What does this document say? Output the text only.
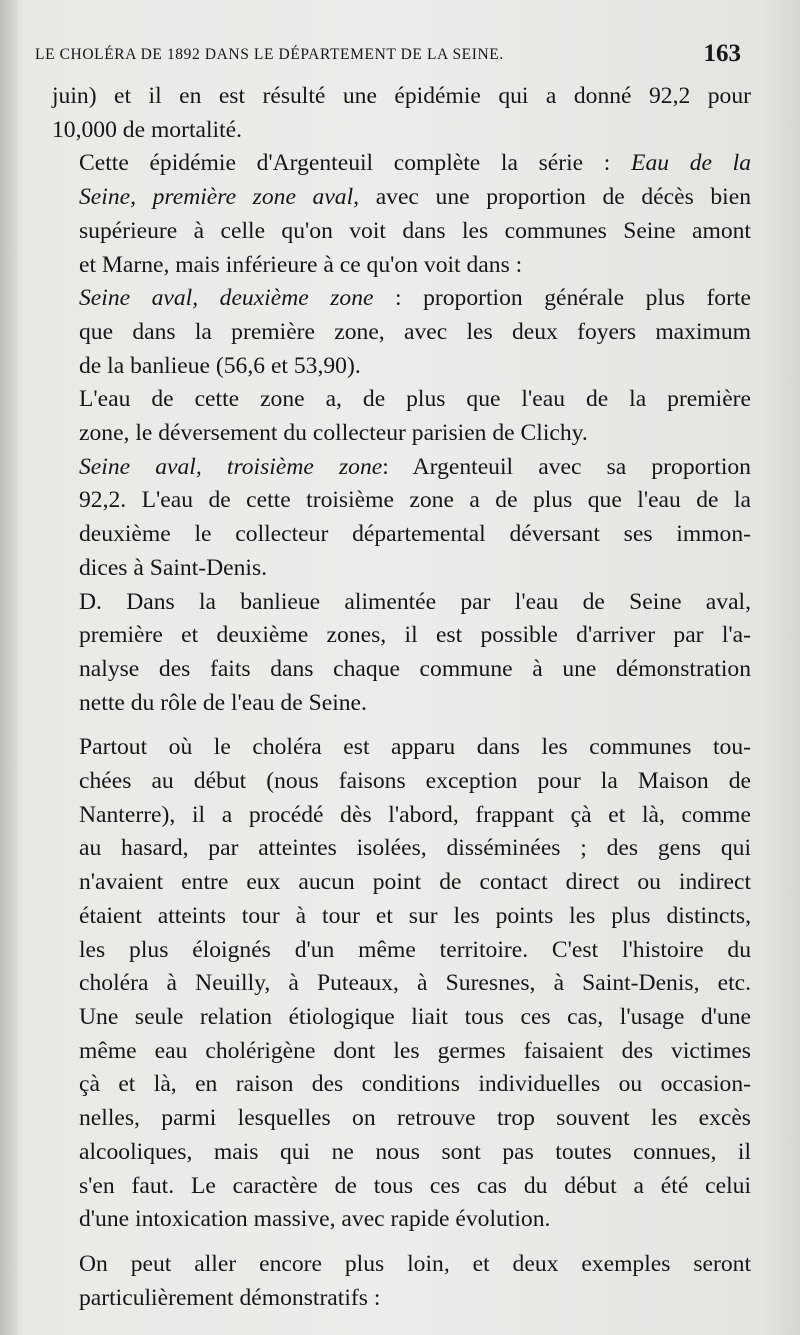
LE CHOLÉRA DE 1892 DANS LE DÉPARTEMENT DE LA SEINE.	163

juin) et il en est résulté une épidémie qui a donné 92,2 pour
10,000 de mortalité.

Cette épidémie d'Argenteuil complète la série : Eau de la
Seine, première zone aval, avec une proportion de décès bien
supérieure à celle qu'on voit dans les communes Seine amont
et Marne, mais inférieure à ce qu'on voit dans :

Seine aval, deuxième zone : proportion générale plus forte
que dans la première zone, avec les deux foyers maximum
de la banlieue (56,6 et 53,90).

L'eau de cette zone a, de plus que l'eau de la première
zone, le déversement du collecteur parisien de Clichy.

Seine aval, troisième zone: Argenteuil avec sa proportion
92,2. L'eau de cette troisième zone a de plus que l'eau de la
deuxième le collecteur départemental déversant ses immon-
dices à Saint-Denis.

D. Dans la banlieue alimentée par l'eau de Seine aval,
première et deuxième zones, il est possible d'arriver par l'a-
nalyse des faits dans chaque commune à une démonstration
nette du rôle de l'eau de Seine.

Partout où le choléra est apparu dans les communes tou-
chées au début (nous faisons exception pour la Maison de
Nanterre), il a procédé dès l'abord, frappant çà et là, comme
au hasard, par atteintes isolées, disséminées ; des gens qui
n'avaient entre eux aucun point de contact direct ou indirect
étaient atteints tour à tour et sur les points les plus distincts,
les plus éloignés d'un même territoire. C'est l'histoire du
choléra à Neuilly, à Puteaux, à Suresnes, à Saint-Denis, etc.
Une seule relation étiologique liait tous ces cas, l'usage d'une
même eau cholérigène dont les germes faisaient des victimes
çà et là, en raison des conditions individuelles ou occasion-
nelles, parmi lesquelles on retrouve trop souvent les excès
alcooliques, mais qui ne nous sont pas toutes connues, il
s'en faut. Le caractère de tous ces cas du début a été celui
d'une intoxication massive, avec rapide évolution.

On peut aller encore plus loin, et deux exemples seront
particulièrement démonstratifs :
